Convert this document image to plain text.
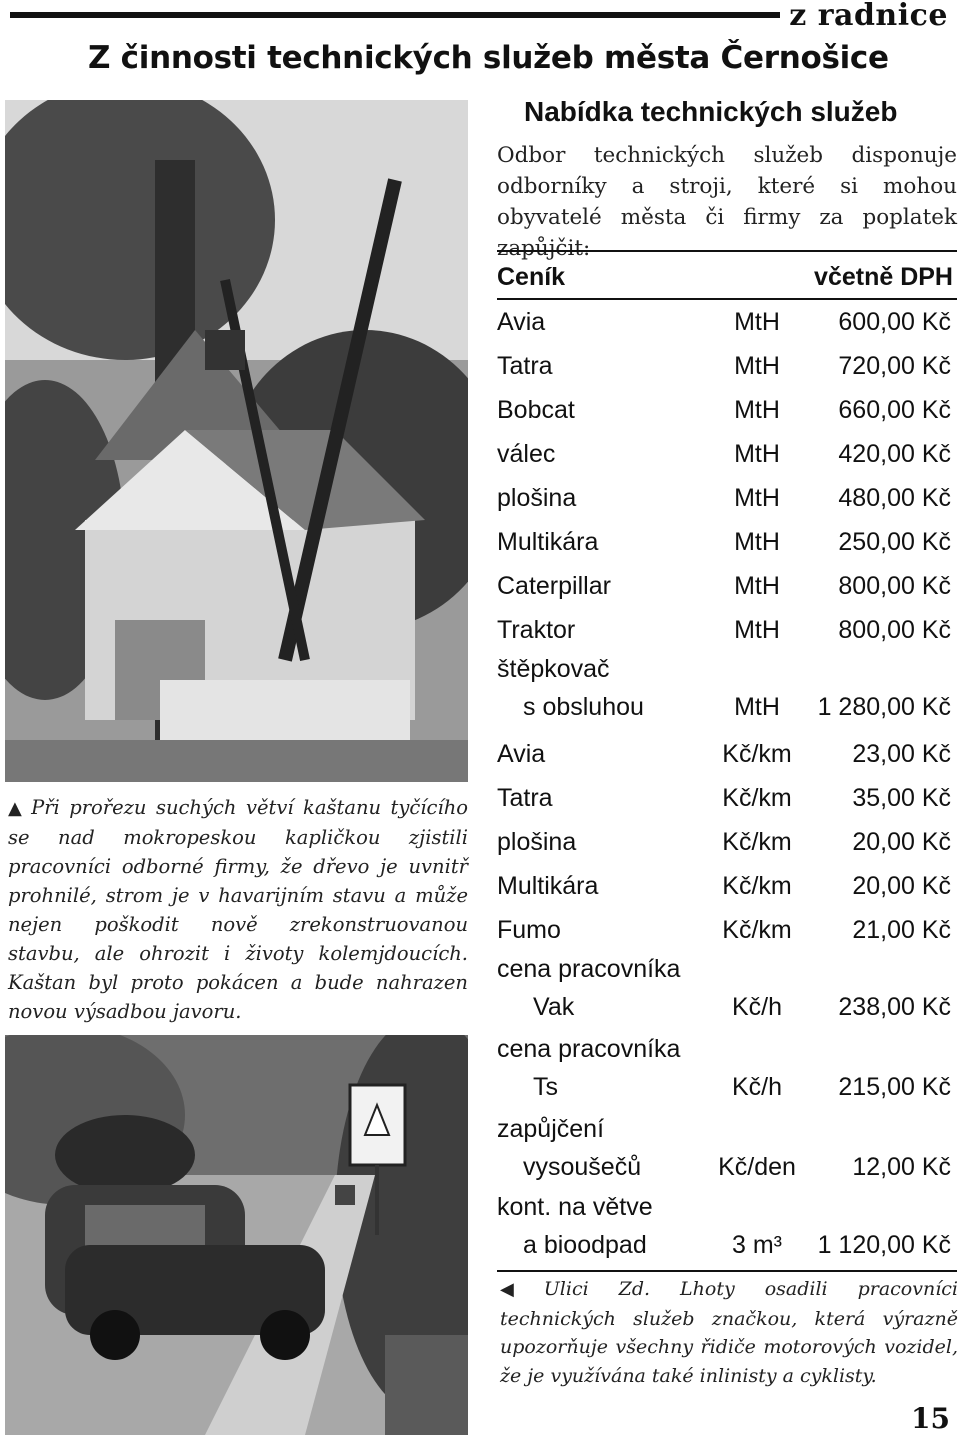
z radnice
Z činnosti technických služeb města Černošice

▲ Při prořezu suchých větví kaštanu tyčícího se nad mokropeskou kapličkou zjistili pracovníci odborné firmy, že dřevo je uvnitř prohnilé, strom je v havarijním stavu a může nejen poškodit nově zrekonstruovanou stavbu, ale ohrozit i životy kolemjdoucích. Kaštan byl proto pokácen a bude nahrazen novou výsadbou javoru.

Nabídka technických služeb

Odbor technických služeb disponuje odborníky a stroji, které si mohou obyvatelé města či firmy za poplatek zapůjčit:

Ceník	včetně DPH
Avia	MtH	600,00 Kč
Tatra	MtH	720,00 Kč
Bobcat	MtH	660,00 Kč
válec	MtH	420,00 Kč
plošina	MtH	480,00 Kč
Multikára	MtH	250,00 Kč
Caterpillar	MtH	800,00 Kč
Traktor	MtH	800,00 Kč
štěpkovač
s obsluhou	MtH	1 280,00 Kč
Avia	Kč/km	23,00 Kč
Tatra	Kč/km	35,00 Kč
plošina	Kč/km	20,00 Kč
Multikára	Kč/km	20,00 Kč
Fumo	Kč/km	21,00 Kč
cena pracovníka
Vak	Kč/h	238,00 Kč
cena pracovníka
Ts	Kč/h	215,00 Kč
zapůjčení
vysoušečů	Kč/den	12,00 Kč
kont. na větve
a bioodpad	3 m³	1 120,00 Kč

◀ Ulici Zd. Lhoty osadili pracovníci technických služeb značkou, která výrazně upozorňuje všechny řidiče motorových vozidel, že je využívána také inlinisty a cyklisty.

15
